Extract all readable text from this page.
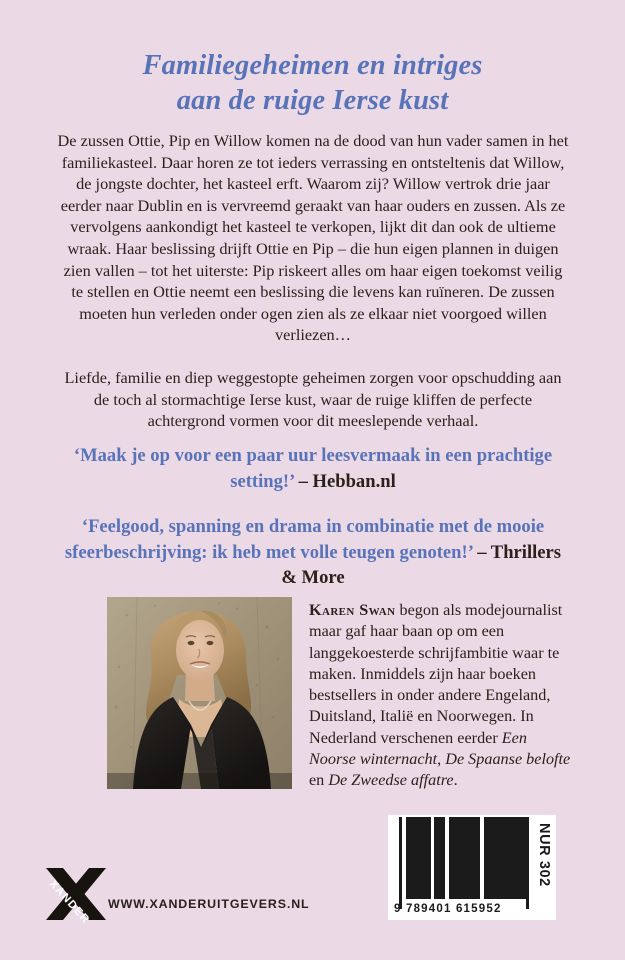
Familiegeheimen en intriges
aan de ruige Ierse kust

De zussen Ottie, Pip en Willow komen na de dood van hun vader samen in het familiekasteel. Daar horen ze tot ieders verrassing en ontsteltenis dat Willow, de jongste dochter, het kasteel erft. Waarom zij? Willow vertrok drie jaar eerder naar Dublin en is vervreemd geraakt van haar ouders en zussen. Als ze vervolgens aankondigt het kasteel te verkopen, lijkt dit dan ook de ultieme wraak. Haar beslissing drijft Ottie en Pip – die hun eigen plannen in duigen zien vallen – tot het uiterste: Pip riskeert alles om haar eigen toekomst veilig te stellen en Ottie neemt een beslissing die levens kan ruïneren. De zussen moeten hun verleden onder ogen zien als ze elkaar niet voorgoed willen verliezen…

Liefde, familie en diep weggestopte geheimen zorgen voor opschudding aan de toch al stormachtige Ierse kust, waar de ruige kliffen de perfecte achtergrond vormen voor dit meeslepende verhaal.

‘Maak je op voor een paar uur leesvermaak in een prachtige setting!’ – Hebban.nl
‘Feelgood, spanning en drama in combinatie met de mooie sfeerbeschrijving: ik heb met volle teugen genoten!’ – Thrillers & More
Karen Swan begon als modejournalist maar gaf haar baan op om een langgekoesterde schrijfambitie waar te maken. Inmiddels zijn haar boeken bestsellers in onder andere Engeland, Duitsland, Italië en Noorwegen. In Nederland verschenen eerder Een Noorse winternacht, De Spaanse belofte en De Zweedse affatre.
9 789401 615952
NUR 302
XANDER WWW.XANDERUITGEVERS.NL
